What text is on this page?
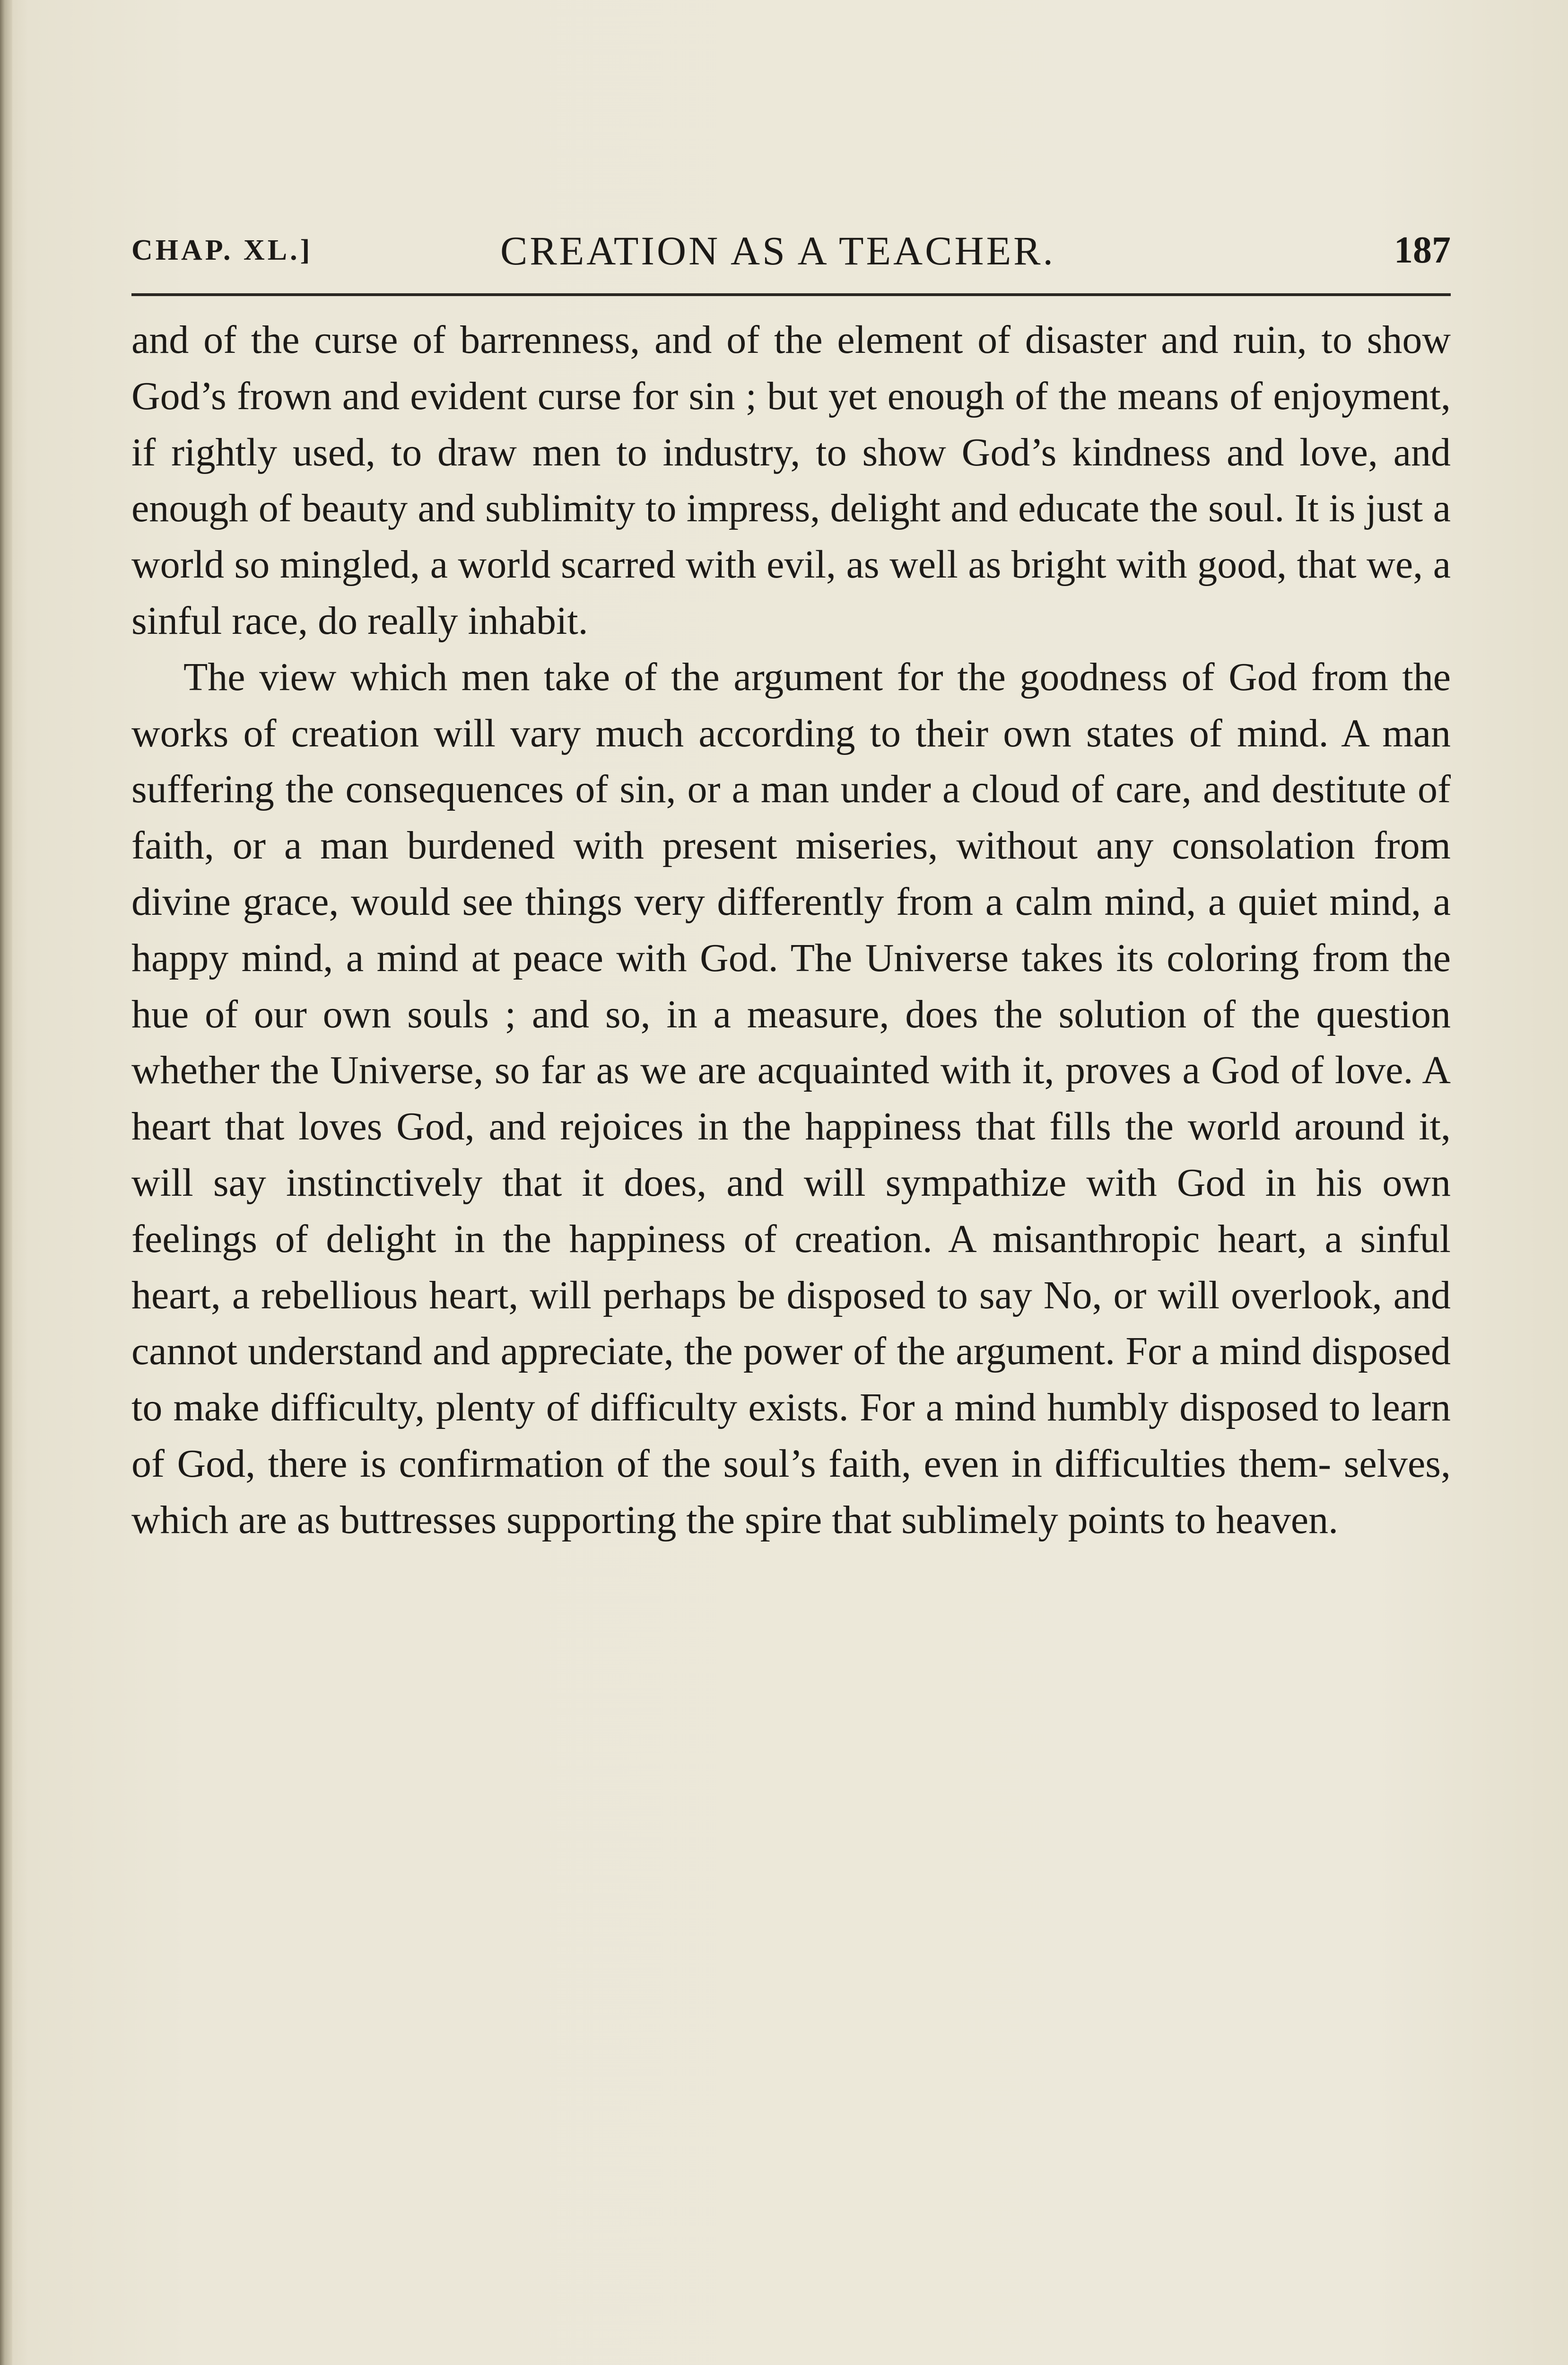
CHAP. XL.]	CREATION AS A TEACHER.	187

and of the curse of barrenness, and of the element of disaster and ruin, to show God’s frown and evident curse for sin ; but yet enough of the means of enjoyment, if rightly used, to draw men to industry, to show God’s kindness and love, and enough of beauty and sublimity to impress, delight and educate the soul. It is just a world so mingled, a world scarred with evil, as well as bright with good, that we, a sinful race, do really inhabit.

The view which men take of the argument for the goodness of God from the works of creation will vary much according to their own states of mind. A man suffering the consequences of sin, or a man under a cloud of care, and destitute of faith, or a man burdened with present miseries, without any consolation from divine grace, would see things very differently from a calm mind, a quiet mind, a happy mind, a mind at peace with God. The Universe takes its coloring from the hue of our own souls ; and so, in a measure, does the solution of the question whether the Universe, so far as we are acquainted with it, proves a God of love. A heart that loves God, and rejoices in the happiness that fills the world around it, will say instinctively that it does, and will sympathize with God in his own feelings of delight in the happiness of creation. A misanthropic heart, a sinful heart, a rebellious heart, will perhaps be disposed to say No, or will overlook, and cannot understand and appreciate, the power of the argument. For a mind disposed to make difficulty, plenty of difficulty exists. For a mind humbly disposed to learn of God, there is confirmation of the soul’s faith, even in difficulties them- selves, which are as buttresses supporting the spire that sublimely points to heaven.
